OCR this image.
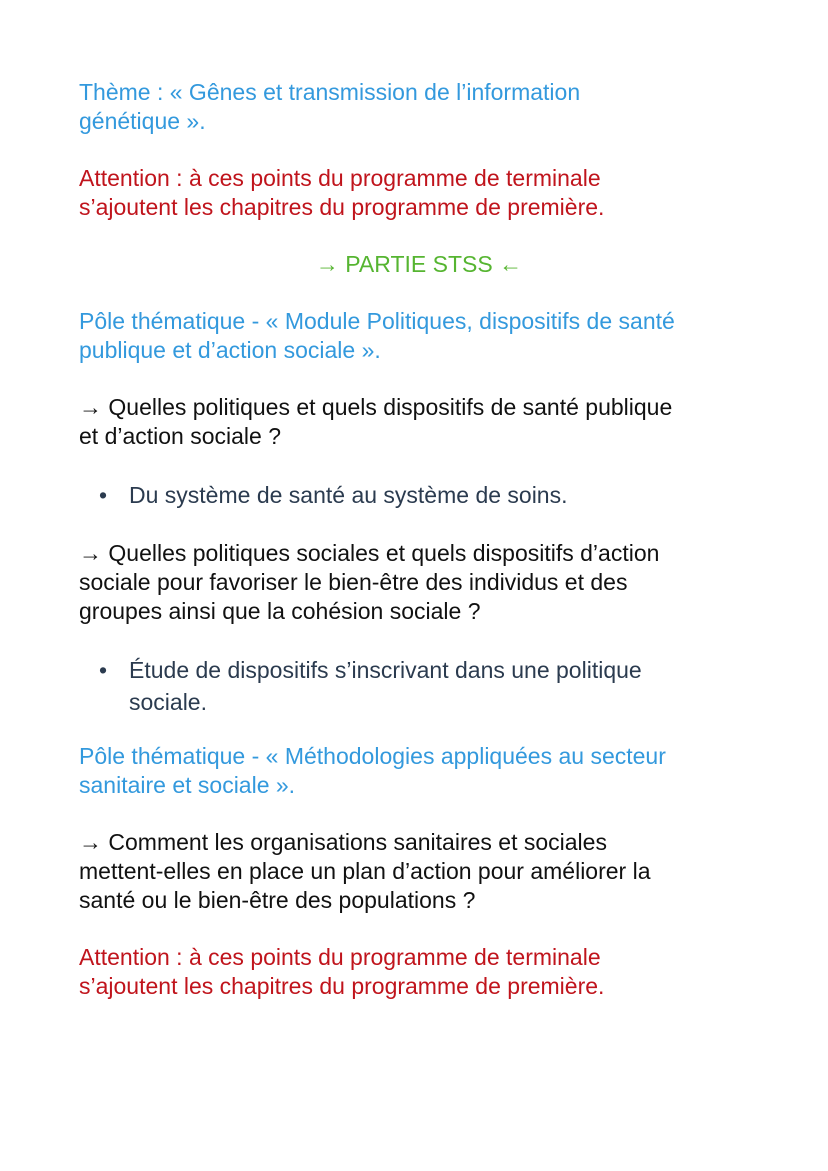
Thème : « Gênes et transmission de l’information
génétique ».

Attention : à ces points du programme de terminale
s’ajoutent les chapitres du programme de première.

→ PARTIE STSS ←

Pôle thématique - « Module Politiques, dispositifs de santé
publique et d’action sociale ».

→ Quelles politiques et quels dispositifs de santé publique
et d’action sociale ?

• Du système de santé au système de soins.

→ Quelles politiques sociales et quels dispositifs d’action
sociale pour favoriser le bien-être des individus et des
groupes ainsi que la cohésion sociale ?

• Étude de dispositifs s’inscrivant dans une politique
sociale.

Pôle thématique - « Méthodologies appliquées au secteur
sanitaire et sociale ».

→ Comment les organisations sanitaires et sociales
mettent-elles en place un plan d’action pour améliorer la
santé ou le bien-être des populations ?

Attention : à ces points du programme de terminale
s’ajoutent les chapitres du programme de première.
